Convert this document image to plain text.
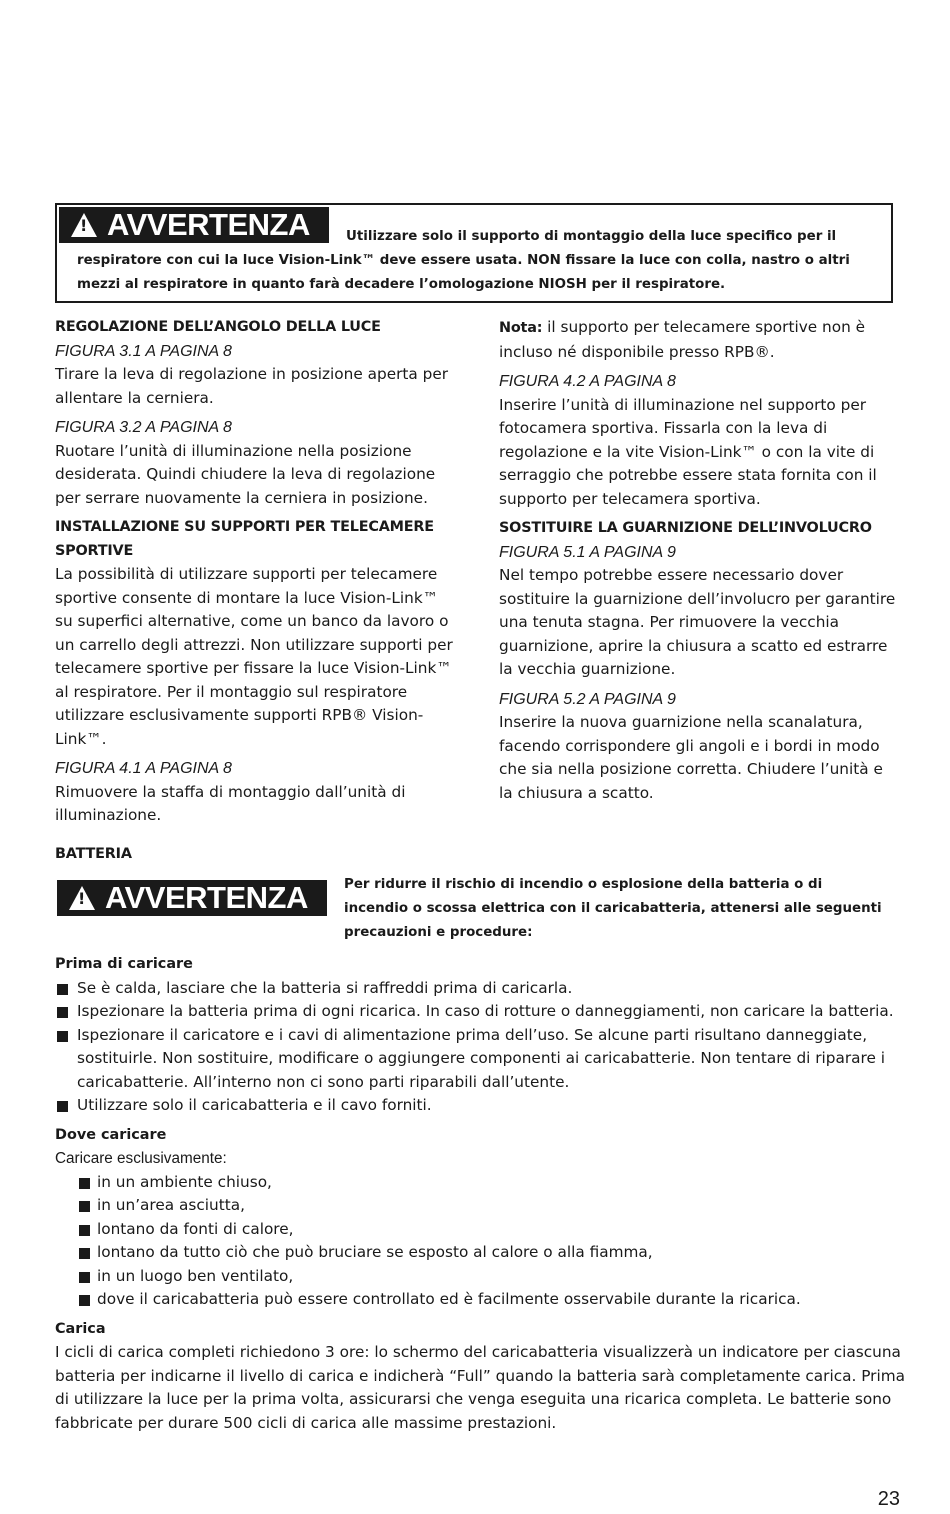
!
AVVERTENZA	Utilizzare solo il supporto di montaggio della luce specifico per il
respiratore con cui la luce Vision-Link™ deve essere usata. NON fissare la luce con colla, nastro o altri
mezzi al respiratore in quanto farà decadere l’omologazione NIOSH per il respiratore.
REGOLAZIONE DELL’ANGOLO DELLA LUCE
FIGURA 3.1 A PAGINA 8

Tirare la leva di regolazione in posizione aperta per allentare la cerniera.

FIGURA 3.2 A PAGINA 8

Ruotare l’unità di illuminazione nella posizione desiderata. Quindi chiudere la leva di regolazione per serrare nuovamente la cerniera in posizione.

INSTALLAZIONE SU SUPPORTI PER TELECAMERE SPORTIVE

La possibilità di utilizzare supporti per telecamere sportive consente di montare la luce Vision-Link™ su superfici alternative, come un banco da lavoro o un carrello degli attrezzi. Non utilizzare supporti per telecamere sportive per fissare la luce Vision-Link™ al respiratore. Per il montaggio sul respiratore utilizzare esclusivamente supporti RPB® Vision-Link™.

FIGURA 4.1 A PAGINA 8

Rimuovere la staffa di montaggio dall’unità di illuminazione.

Nota: il supporto per telecamere sportive non è incluso né disponibile presso RPB®.

FIGURA 4.2 A PAGINA 8

Inserire l’unità di illuminazione nel supporto per fotocamera sportiva. Fissarla con la leva di regolazione e la vite Vision-Link™ o con la vite di serraggio che potrebbe essere stata fornita con il supporto per telecamera sportiva.

SOSTITUIRE LA GUARNIZIONE DELL’INVOLUCRO
FIGURA 5.1 A PAGINA 9

Nel tempo potrebbe essere necessario dover sostituire la guarnizione dell’involucro per garantire una tenuta stagna. Per rimuovere la vecchia guarnizione, aprire la chiusura a scatto ed estrarre la vecchia guarnizione.

FIGURA 5.2 A PAGINA 9

Inserire la nuova guarnizione nella scanalatura, facendo corrispondere gli angoli e i bordi in modo che sia nella posizione corretta. Chiudere l’unità e la chiusura a scatto.

BATTERIA
!
AVVERTENZA	Per ridurre il rischio di incendio o esplosione della batteria o di
incendio o scossa elettrica con il caricabatteria, attenersi alle seguenti
precauzioni e procedure:
Prima di caricare
Se è calda, lasciare che la batteria si raffreddi prima di caricarla.
Ispezionare la batteria prima di ogni ricarica. In caso di rotture o danneggiamenti, non caricare la batteria.
Ispezionare il caricatore e i cavi di alimentazione prima dell’uso. Se alcune parti risultano danneggiate, sostituirle. Non sostituire, modificare o aggiungere componenti ai caricabatterie. Non tentare di riparare i caricabatterie. All’interno non ci sono parti riparabili dall’utente.
Utilizzare solo il caricabatteria e il cavo forniti.
Dove caricare
Caricare esclusivamente:
in un ambiente chiuso,
in un’area asciutta,
lontano da fonti di calore,
lontano da tutto ciò che può bruciare se esposto al calore o alla fiamma,
in un luogo ben ventilato,
dove il caricabatteria può essere controllato ed è facilmente osservabile durante la ricarica.
Carica
I cicli di carica completi richiedono 3 ore: lo schermo del caricabatteria visualizzerà un indicatore per ciascuna batteria per indicarne il livello di carica e indicherà “Full” quando la batteria sarà completamente carica. Prima di utilizzare la luce per la prima volta, assicurarsi che venga eseguita una ricarica completa. Le batterie sono fabbricate per durare 500 cicli di carica alle massime prestazioni.
23
